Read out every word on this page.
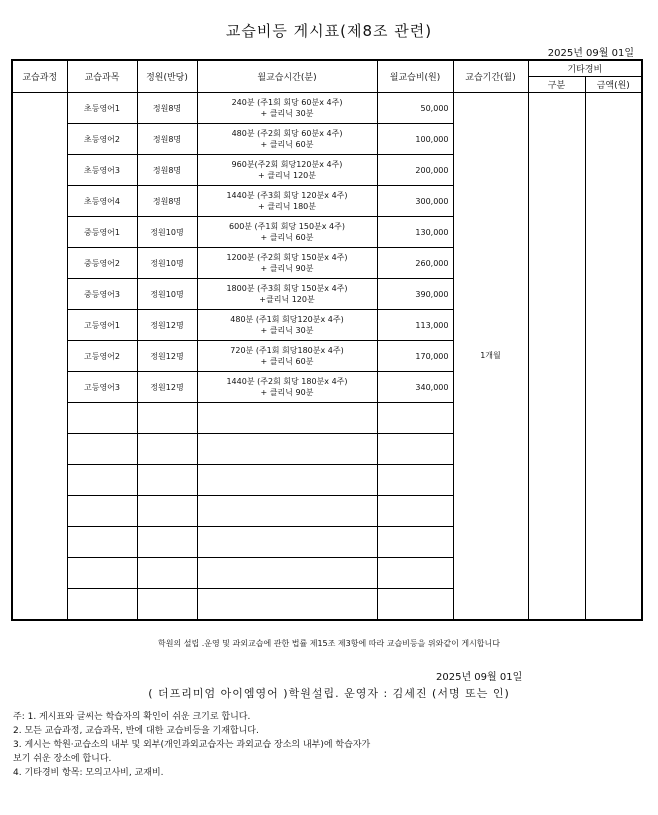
교습비등 게시표(제8조 관련)
2025년 09월 01일
교습과정	교습과목	정원(반당)	월교습시간(분)	월교습비(원)	교습기간(월)	기타경비	
						구분	금액(원)
	초등영어1	정원8명	240분 (주1회 회당 60분x 4주)
+ 클리닉 30분	50,000	1개월		
	초등영어2	정원8명	480분 (주2회 회당 60분x 4주)
+ 클리닉 60분	100,000			
	초등영어3	정원8명	960분(주2회 회당120분x 4주)
+ 클리닉 120분	200,000			
	초등영어4	정원8명	1440분 (주3회 회당 120분x 4주)
+ 클리닉 180분	300,000			
	중등영어1	정원10명	600분 (주1회 회당 150분x 4주)
+ 클리닉 60분	130,000			
	중등영어2	정원10명	1200분 (주2회 회당 150분x 4주)
+ 클리닉 90분	260,000			
	중등영어3	정원10명	1800분 (주3회 회당 150분x 4주)
+클리닉 120분	390,000			
	고등영어1	정원12명	480분 (주1회 회당120분x 4주)
+ 클리닉 30분	113,000			
	고등영어2	정원12명	720분 (주1회 회당180분x 4주)
+ 클리닉 60분	170,000			
	고등영어3	정원12명	1440분 (주2회 회당 180분x 4주)
+ 클리닉 90분	340,000			

학원의 설립 .운영 및 과외교습에 관한 법률 제15조 제3항에 따라 교습비등을 위와같이 게시합니다
2025년 09월 01일
( 더프리미엄 아이엠영어 )학원설립. 운영자 : 김세진 (서명 또는 인)
주: 1. 게시표와 글씨는 학습자의 확인이 쉬운 크기로 합니다.
2. 모든 교습과정, 교습과목, 반에 대한 교습비등을 기재합니다.
3. 게시는 학원·교습소의 내부 및 외부(개인과외교습자는 과외교습 장소의 내부)에 학습자가
보기 쉬운 장소에 합니다.
4. 기타경비 항목: 모의고사비, 교재비.
